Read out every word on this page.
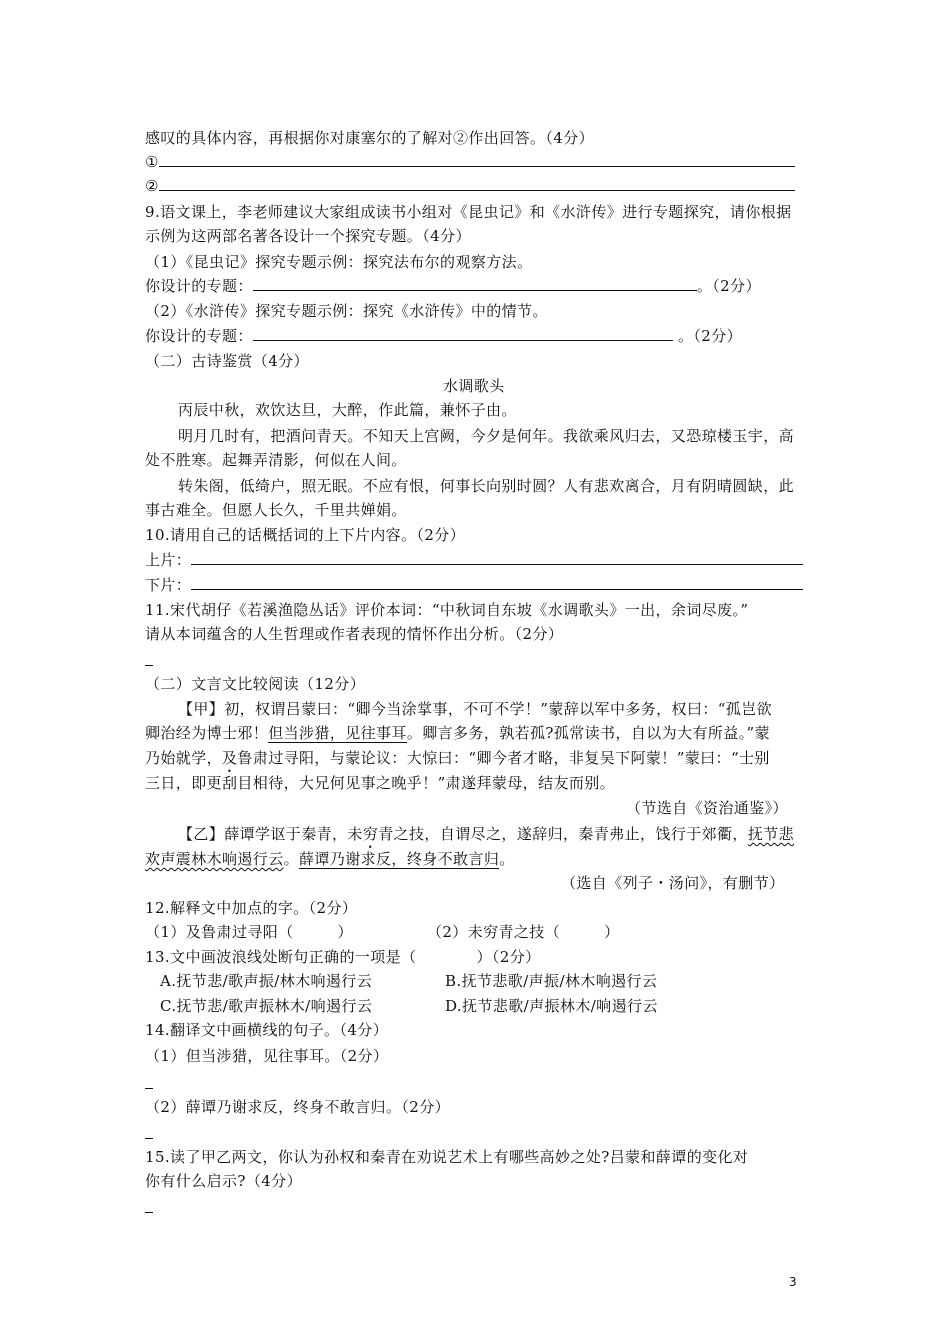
感叹的具体内容，再根据你对康塞尔的了解对②作出回答。（4分）
①
②
9.语文课上，李老师建议大家组成读书小组对《昆虫记》和《水浒传》进行专题探究，请你根据
示例为这两部名著各设计一个探究专题。（4分）
（1）《昆虫记》探究专题示例：探究法布尔的观察方法。
你设计的专题：	。（2分）
（2）《水浒传》探究专题示例：探究《水浒传》中的情节。
你设计的专题：	。（2分）
（二）古诗鉴赏（4分）
水调歌头
丙辰中秋，欢饮达旦，大醉，作此篇，兼怀子由。
明月几时有，把酒问青天。不知天上宫阙，今夕是何年。我欲乘风归去，又恐琼楼玉宇，高
处不胜寒。起舞弄清影，何似在人间。
转朱阁，低绮户，照无眠。不应有恨，何事长向别时圆？人有悲欢离合，月有阴晴圆缺，此
事古难全。但愿人长久，千里共婵娟。
10.请用自己的话概括词的上下片内容。（2分）
上片：
下片：
11.宋代胡仔《若溪渔隐丛话》评价本词：“中秋词自东坡《水调歌头》一出，余词尽废。”
请从本词蕴含的人生哲理或作者表现的情怀作出分析。（2分）
（二）文言文比较阅读（12分）
【甲】初，权谓吕蒙曰：“卿今当涂掌事，不可不学！”蒙辞以军中多务，权曰：“孤岂欲
卿治经为博士邪！但当涉猎，见往事耳。卿言多务，孰若孤?孤常读书，自以为大有所益。”蒙
乃始就学，及鲁肃过寻阳，与蒙论议：大惊曰：“卿今者才略，非复吴下阿蒙！”蒙曰：“士别
三日，即更刮目相待，大兄何见事之晚乎！”肃遂拜蒙母，结友而别。
（节选自《资治通鉴》）
【乙】薛谭学讴于秦青，未穷青之技，自谓尽之，遂辞归，秦青弗止，饯行于郊衢，抚节悲
欢声震林木响遏行云。薛谭乃谢求反，终身不敢言归。
（选自《列子・汤问》，有删节）
12.解释文中加点的字。（2分）
（1）及鲁肃过寻阳（	）	（2）未穷青之技（	）
13.文中画波浪线处断句正确的一项是（	）（2分）
A.抚节悲/歌声振/林木响遏行云	B.抚节悲歌/声振/林木响遏行云
C.抚节悲/歌声振林木/响遏行云	D.抚节悲歌/声振林木/响遏行云
14.翻译文中画横线的句子。（4分）
（1）但当涉猎，见往事耳。（2分）
（2）薛谭乃谢求反，终身不敢言归。（2分）
15.读了甲乙两文，你认为孙权和秦青在劝说艺术上有哪些高妙之处?吕蒙和薛谭的变化对
你有什么启示?（4分）
3
